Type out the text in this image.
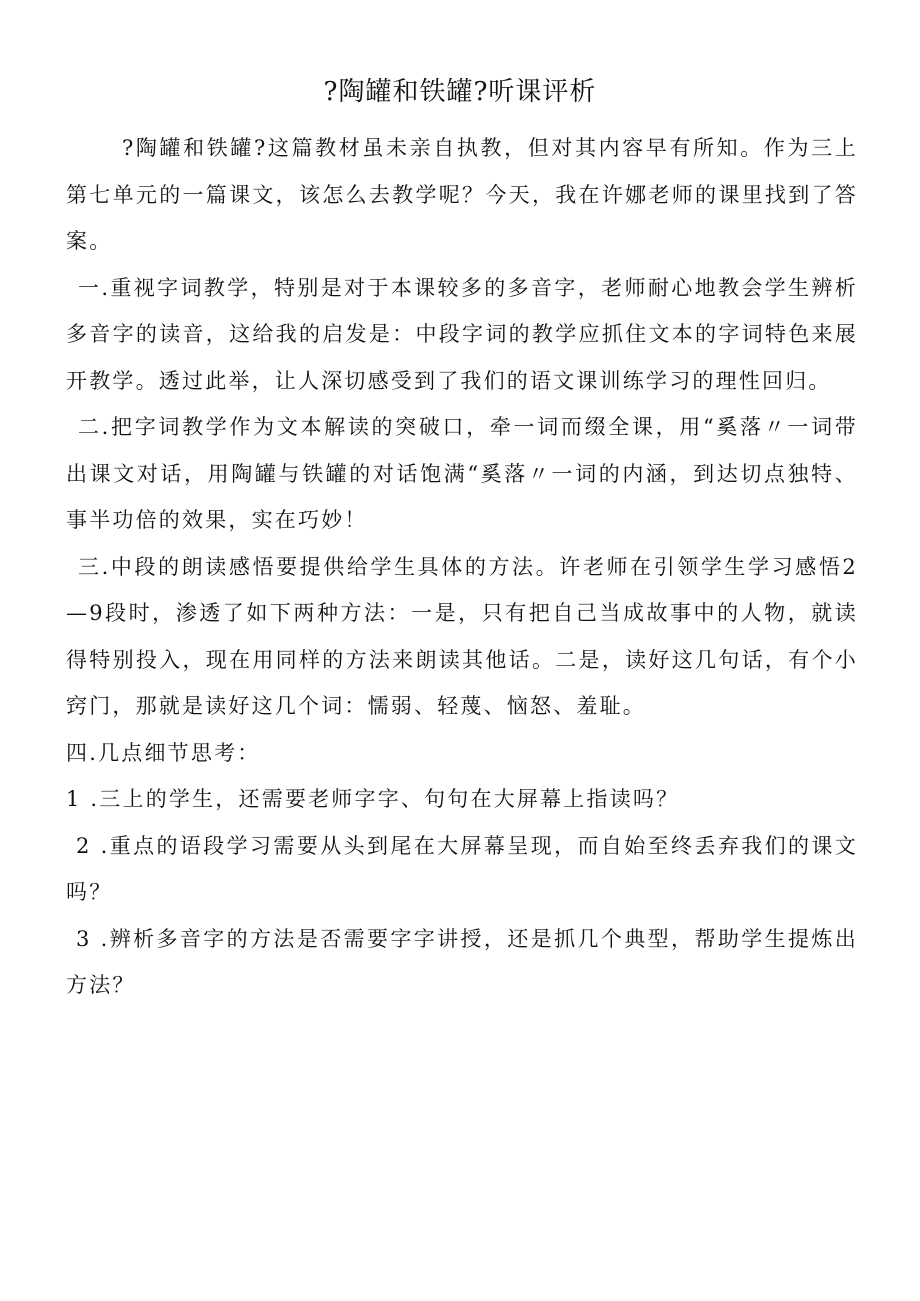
?陶罐和铁罐?听课评析

?陶罐和铁罐?这篇教材虽未亲自执教，但对其内容早有所知。作为三上第七单元的一篇课文，该怎么去教学呢？今天，我在许娜老师的课里找到了答案。

一.重视字词教学，特别是对于本课较多的多音字，老师耐心地教会学生辨析多音字的读音，这给我的启发是：中段字词的教学应抓住文本的字词特色来展开教学。透过此举，让人深切感受到了我们的语文课训练学习的理性回归。

二.把字词教学作为文本解读的突破口，牵一词而缀全课，用“奚落〃一词带出课文对话，用陶罐与铁罐的对话饱满“奚落〃一词的内涵，到达切点独特、事半功倍的效果，实在巧妙！

三.中段的朗读感悟要提供给学生具体的方法。许老师在引领学生学习感悟2—9段时，渗透了如下两种方法：一是，只有把自己当成故事中的人物，就读得特别投入，现在用同样的方法来朗读其他话。二是，读好这几句话，有个小窍门，那就是读好这几个词：懦弱、轻蔑、恼怒、羞耻。

四.几点细节思考：

1 .三上的学生，还需要老师字字、句句在大屏幕上指读吗？

2 .重点的语段学习需要从头到尾在大屏幕呈现，而自始至终丢弃我们的课文吗？

3 .辨析多音字的方法是否需要字字讲授，还是抓几个典型，帮助学生提炼出方法？
